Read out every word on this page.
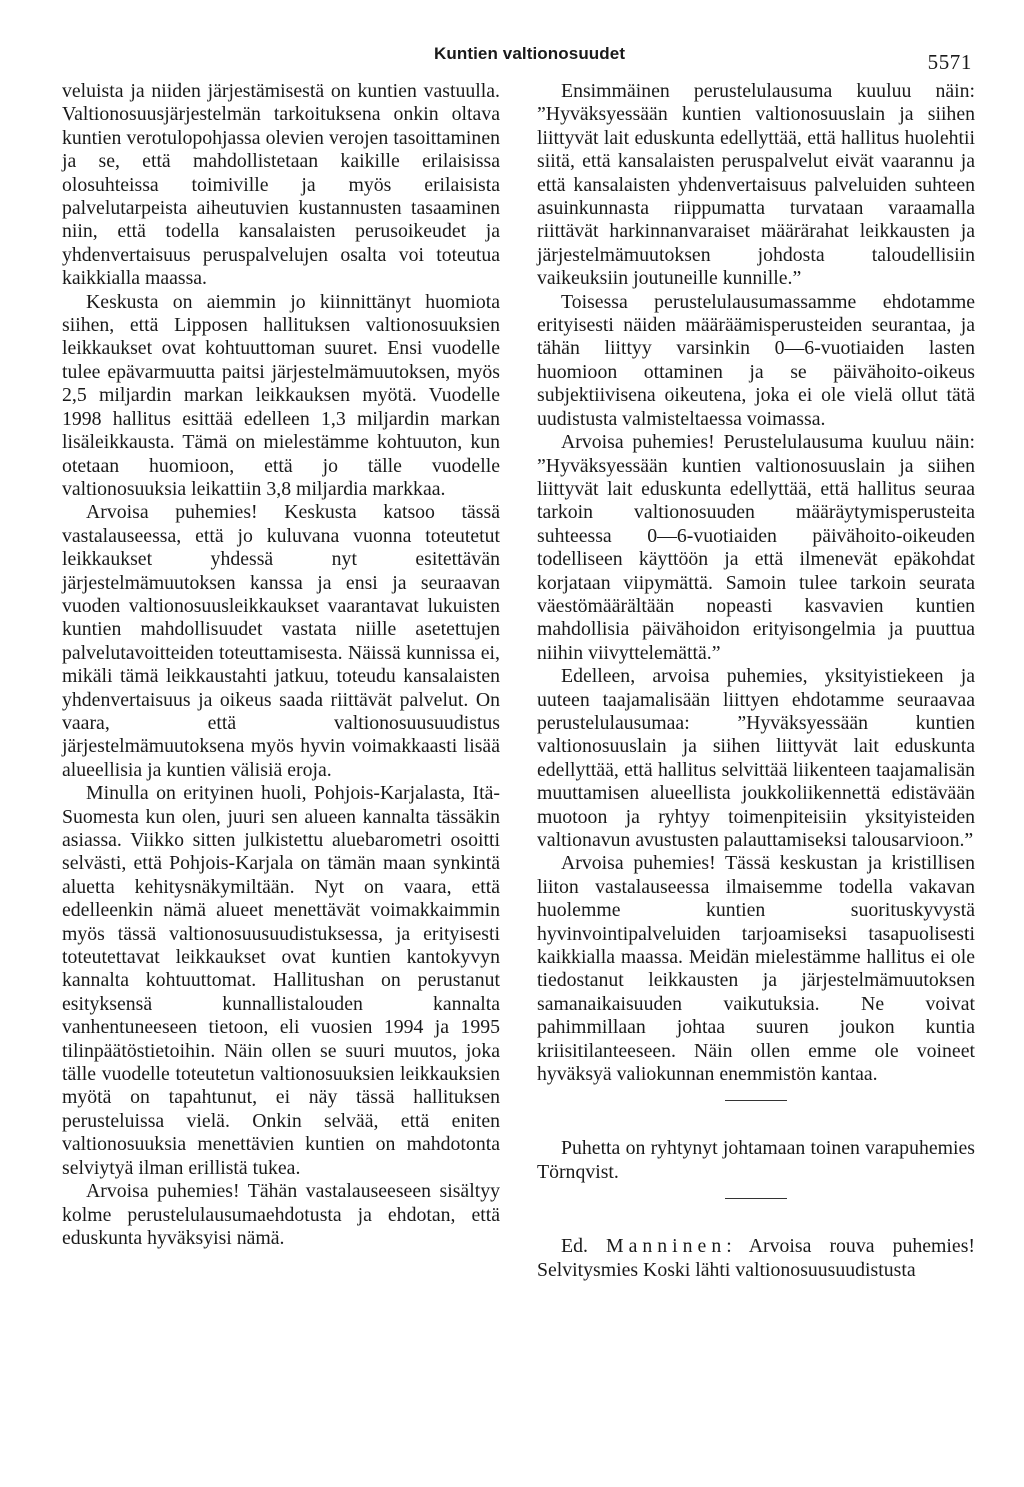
Kuntien valtionosuudet	5571

veluista ja niiden järjestämisestä on kuntien vastuulla. Valtionosuusjärjestelmän tarkoituksena onkin oltava kuntien verotulopohjassa olevien verojen tasoittaminen ja se, että mahdollistetaan kaikille erilaisissa olosuhteissa toimiville ja myös erilaisista palvelutarpeista aiheutuvien kustannusten tasaaminen niin, että todella kansalaisten perusoikeudet ja yhdenvertaisuus peruspalvelujen osalta voi toteutua kaikkialla maassa.

Keskusta on aiemmin jo kiinnittänyt huomiota siihen, että Lipposen hallituksen valtionosuuksien leikkaukset ovat kohtuuttoman suuret. Ensi vuodelle tulee epävarmuutta paitsi järjestelmämuutoksen, myös 2,5 miljardin markan leikkauksen myötä. Vuodelle 1998 hallitus esittää edelleen 1,3 miljardin markan lisäleikkausta. Tämä on mielestämme kohtuuton, kun otetaan huomioon, että jo tälle vuodelle valtionosuuksia leikattiin 3,8 miljardia markkaa.

Arvoisa puhemies! Keskusta katsoo tässä vastalauseessa, että jo kuluvana vuonna toteutetut leikkaukset yhdessä nyt esitettävän järjestelmämuutoksen kanssa ja ensi ja seuraavan vuoden valtionosuusleikkaukset vaarantavat lukuisten kuntien mahdollisuudet vastata niille asetettujen palvelutavoitteiden toteuttamisesta. Näissä kunnissa ei, mikäli tämä leikkaustahti jatkuu, toteudu kansalaisten yhdenvertaisuus ja oikeus saada riittävät palvelut. On vaara, että valtionosuusuudistus järjestelmämuutoksena myös hyvin voimakkaasti lisää alueellisia ja kuntien välisiä eroja.

Minulla on erityinen huoli, Pohjois-Karjalasta, Itä-Suomesta kun olen, juuri sen alueen kannalta tässäkin asiassa. Viikko sitten julkistettu aluebarometri osoitti selvästi, että Pohjois-Karjala on tämän maan synkintä aluetta kehitysnäkymiltään. Nyt on vaara, että edelleenkin nämä alueet menettävät voimakkaimmin myös tässä valtionosuusuudistuksessa, ja erityisesti toteutettavat leikkaukset ovat kuntien kantokyvyn kannalta kohtuuttomat. Hallitushan on perustanut esityksensä kunnallistalouden kannalta vanhentuneeseen tietoon, eli vuosien 1994 ja 1995 tilinpäätöstietoihin. Näin ollen se suuri muutos, joka tälle vuodelle toteutetun valtionosuuksien leikkauksien myötä on tapahtunut, ei näy tässä hallituksen perusteluissa vielä. Onkin selvää, että eniten valtionosuuksia menettävien kuntien on mahdotonta selviytyä ilman erillistä tukea.

Arvoisa puhemies! Tähän vastalauseeseen sisältyy kolme perustelulausumaehdotusta ja ehdotan, että eduskunta hyväksyisi nämä.

Ensimmäinen perustelulausuma kuuluu näin: ”Hyväksyessään kuntien valtionosuuslain ja siihen liittyvät lait eduskunta edellyttää, että hallitus huolehtii siitä, että kansalaisten peruspalvelut eivät vaarannu ja että kansalaisten yhdenvertaisuus palveluiden suhteen asuinkunnasta riippumatta turvataan varaamalla riittävät harkinnanvaraiset määrärahat leikkausten ja järjestelmämuutoksen johdosta taloudellisiin vaikeuksiin joutuneille kunnille.”

Toisessa perustelulausumassamme ehdotamme erityisesti näiden määräämisperusteiden seurantaa, ja tähän liittyy varsinkin 0—6-vuotiaiden lasten huomioon ottaminen ja se päivähoito-oikeus subjektiivisena oikeutena, joka ei ole vielä ollut tätä uudistusta valmisteltaessa voimassa.

Arvoisa puhemies! Perustelulausuma kuuluu näin: ”Hyväksyessään kuntien valtionosuuslain ja siihen liittyvät lait eduskunta edellyttää, että hallitus seuraa tarkoin valtionosuuden määräytymisperusteita suhteessa 0—6-vuotiaiden päivähoito-oikeuden todelliseen käyttöön ja että ilmenevät epäkohdat korjataan viipymättä. Samoin tulee tarkoin seurata väestömäärältään nopeasti kasvavien kuntien mahdollisia päivähoidon erityisongelmia ja puuttua niihin viivyttelemättä.”

Edelleen, arvoisa puhemies, yksityistiekeen ja uuteen taajamalisään liittyen ehdotamme seuraavaa perustelulausumaa: ”Hyväksyessään kuntien valtionosuuslain ja siihen liittyvät lait eduskunta edellyttää, että hallitus selvittää liikenteen taajamalisän muuttamisen alueellista joukkoliikennettä edistävään muotoon ja ryhtyy toimenpiteisiin yksityisteiden valtionavun avustusten palauttamiseksi talousarvioon.”

Arvoisa puhemies! Tässä keskustan ja kristillisen liiton vastalauseessa ilmaisemme todella vakavan huolemme kuntien suorituskyvystä hyvinvointipalveluiden tarjoamiseksi tasapuolisesti kaikkialla maassa. Meidän mielestämme hallitus ei ole tiedostanut leikkausten ja järjestelmämuutoksen samanaikaisuuden vaikutuksia. Ne voivat pahimmillaan johtaa suuren joukon kuntia kriisitilanteeseen. Näin ollen emme ole voineet hyväksyä valiokunnan enemmistön kantaa.

Puhetta on ryhtynyt johtamaan toinen varapuhemies Törnqvist.

Ed. Manninen: Arvoisa rouva puhemies! Selvitysmies Koski lähti valtionosuusuudistusta
